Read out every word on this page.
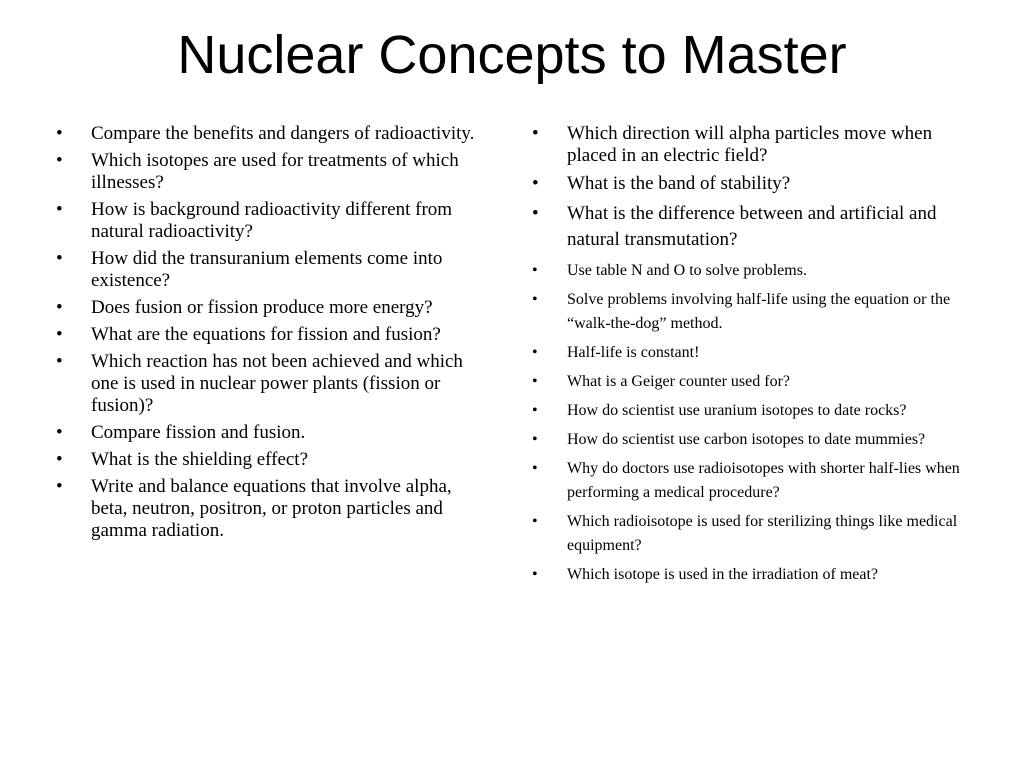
Nuclear Concepts to Master
• Compare the benefits and dangers of radioactivity.
• Which isotopes are used for treatments of which illnesses?
• How is background radioactivity different from natural radioactivity?
• How did the transuranium elements come into existence?
• Does fusion or fission produce more energy?
• What are the equations for fission and fusion?
• Which reaction has not been achieved and which one is used in nuclear power plants (fission or fusion)?
• Compare fission and fusion.
• What is the shielding effect?
• Write and balance equations that involve alpha, beta, neutron, positron, or proton particles and gamma radiation.
• Which direction will alpha particles move when placed in an electric field?
• What is the band of stability?
• What is the difference between and artificial and natural transmutation?
• Use table N and O to solve problems.
• Solve problems involving half-life using the equation or the “walk-the-dog” method.
• Half-life is constant!
• What is a Geiger counter used for?
• How do scientist use uranium isotopes to date rocks?
• How do scientist use carbon isotopes to date mummies?
• Why do doctors use radioisotopes with shorter half-lies when performing a medical procedure?
• Which radioisotope is used for sterilizing things like medical equipment?
• Which isotope is used in the irradiation of meat?
